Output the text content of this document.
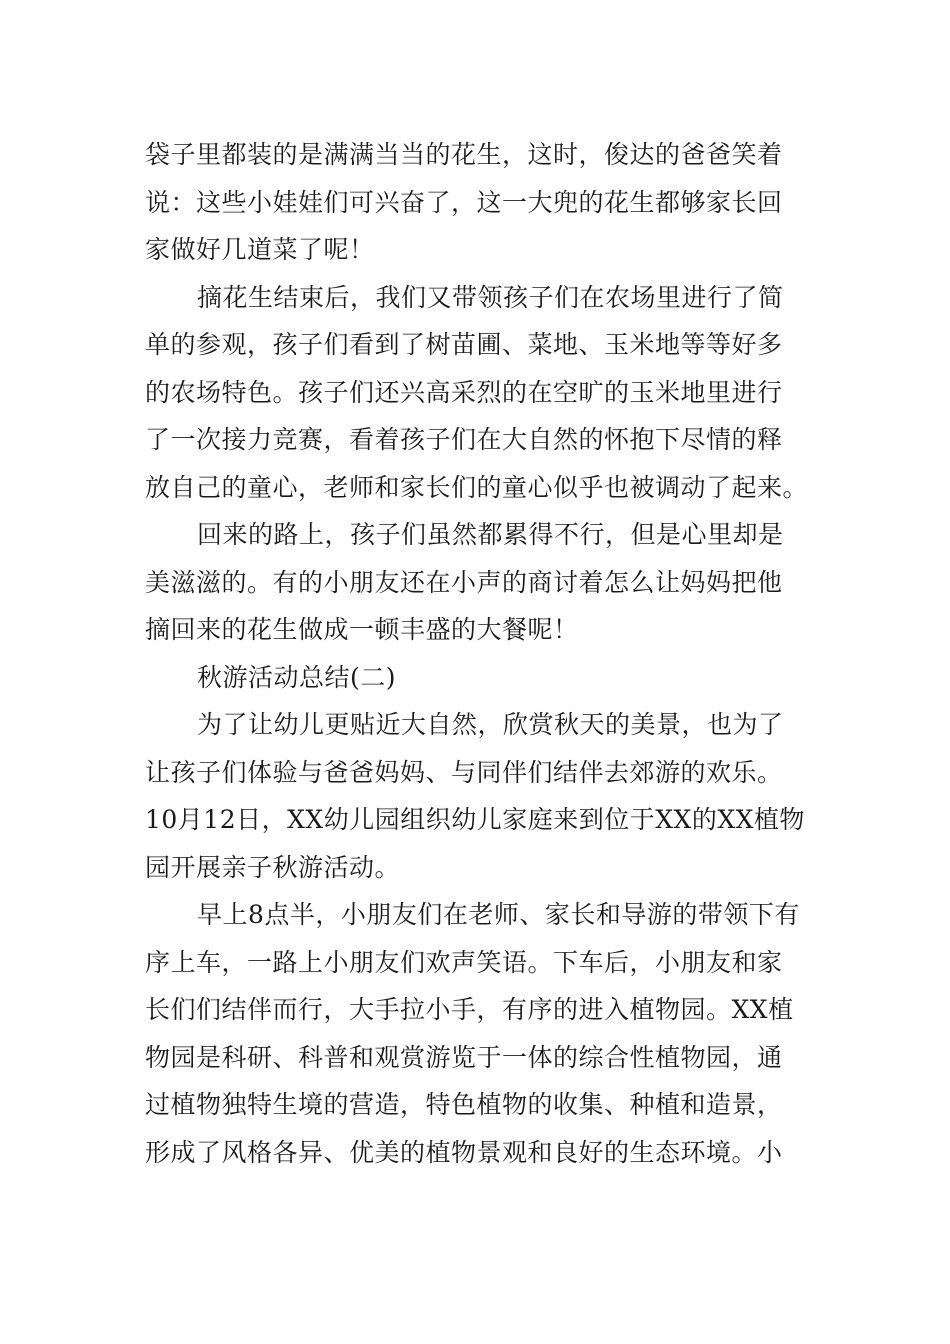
袋子里都装的是满满当当的花生，这时，俊达的爸爸笑着
说：这些小娃娃们可兴奋了，这一大兜的花生都够家长回
家做好几道菜了呢！
摘花生结束后，我们又带领孩子们在农场里进行了简
单的参观，孩子们看到了树苗圃、菜地、玉米地等等好多
的农场特色。孩子们还兴高采烈的在空旷的玉米地里进行
了一次接力竞赛，看着孩子们在大自然的怀抱下尽情的释
放自己的童心，老师和家长们的童心似乎也被调动了起来。
回来的路上，孩子们虽然都累得不行，但是心里却是
美滋滋的。有的小朋友还在小声的商讨着怎么让妈妈把他
摘回来的花生做成一顿丰盛的大餐呢！
秋游活动总结(二)
为了让幼儿更贴近大自然，欣赏秋天的美景，也为了
让孩子们体验与爸爸妈妈、与同伴们结伴去郊游的欢乐。
10月12日，XX幼儿园组织幼儿家庭来到位于XX的XX植物
园开展亲子秋游活动。
早上8点半，小朋友们在老师、家长和导游的带领下有
序上车，一路上小朋友们欢声笑语。下车后，小朋友和家
长们们结伴而行，大手拉小手，有序的进入植物园。XX植
物园是科研、科普和观赏游览于一体的综合性植物园，通
过植物独特生境的营造，特色植物的收集、种植和造景，
形成了风格各异、优美的植物景观和良好的生态环境。小
